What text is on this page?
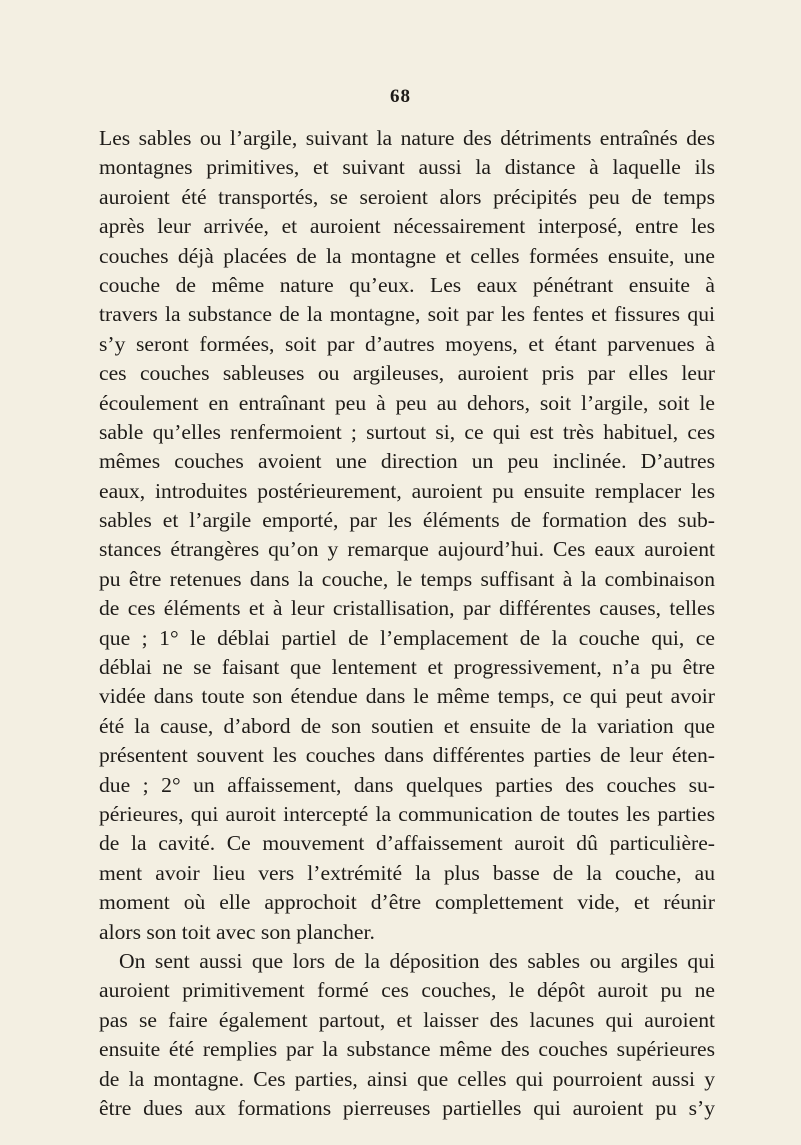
68
Les sables ou l’argile, suivant la nature des détriments entraînés des
montagnes primitives, et suivant aussi la distance à laquelle ils
auroient été transportés, se seroient alors précipités peu de temps
après leur arrivée, et auroient nécessairement interposé, entre les
couches déjà placées de la montagne et celles formées ensuite, une
couche de même nature qu’eux. Les eaux pénétrant ensuite à
travers la substance de la montagne, soit par les fentes et fissures qui
s’y seront formées, soit par d’autres moyens, et étant parvenues à
ces couches sableuses ou argileuses, auroient pris par elles leur
écoulement en entraînant peu à peu au dehors, soit l’argile, soit le
sable qu’elles renfermoient ; surtout si, ce qui est très habituel, ces
mêmes couches avoient une direction un peu inclinée. D’autres
eaux, introduites postérieurement, auroient pu ensuite remplacer les
sables et l’argile emporté, par les éléments de formation des sub-
stances étrangères qu’on y remarque aujourd’hui. Ces eaux auroient
pu être retenues dans la couche, le temps suffisant à la combinaison
de ces éléments et à leur cristallisation, par différentes causes, telles
que ; 1° le déblai partiel de l’emplacement de la couche qui, ce
déblai ne se faisant que lentement et progressivement, n’a pu être
vidée dans toute son étendue dans le même temps, ce qui peut avoir
été la cause, d’abord de son soutien et ensuite de la variation que
présentent souvent les couches dans différentes parties de leur éten-
due ; 2° un affaissement, dans quelques parties des couches su-
périeures, qui auroit intercepté la communication de toutes les parties
de la cavité. Ce mouvement d’affaissement auroit dû particulière-
ment avoir lieu vers l’extrémité la plus basse de la couche, au
moment où elle approchoit d’être complettement vide, et réunir
alors son toit avec son plancher.
On sent aussi que lors de la déposition des sables ou argiles qui
auroient primitivement formé ces couches, le dépôt auroit pu ne
pas se faire également partout, et laisser des lacunes qui auroient
ensuite été remplies par la substance même des couches supérieures
de la montagne. Ces parties, ainsi que celles qui pourroient aussi y
être dues aux formations pierreuses partielles qui auroient pu s’y
